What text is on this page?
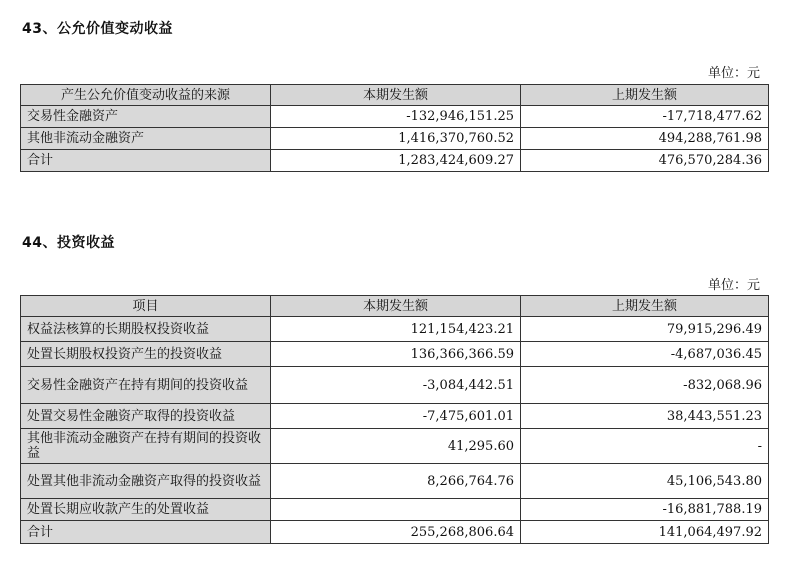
43、公允价值变动收益
单位：元
产生公允价值变动收益的来源	本期发生额	上期发生额
交易性金融资产	-132,946,151.25	-17,718,477.62
其他非流动金融资产	1,416,370,760.52	494,288,761.98
合计	1,283,424,609.27	476,570,284.36
44、投资收益
单位：元
项目	本期发生额	上期发生额
权益法核算的长期股权投资收益	121,154,423.21	79,915,296.49
处置长期股权投资产生的投资收益	136,366,366.59	-4,687,036.45
交易性金融资产在持有期间的投资收益	-3,084,442.51	-832,068.96
处置交易性金融资产取得的投资收益	-7,475,601.01	38,443,551.23
其他非流动金融资产在持有期间的投资收益	41,295.60	-
处置其他非流动金融资产取得的投资收益	8,266,764.76	45,106,543.80
处置长期应收款产生的处置收益		-16,881,788.19
合计	255,268,806.64	141,064,497.92
